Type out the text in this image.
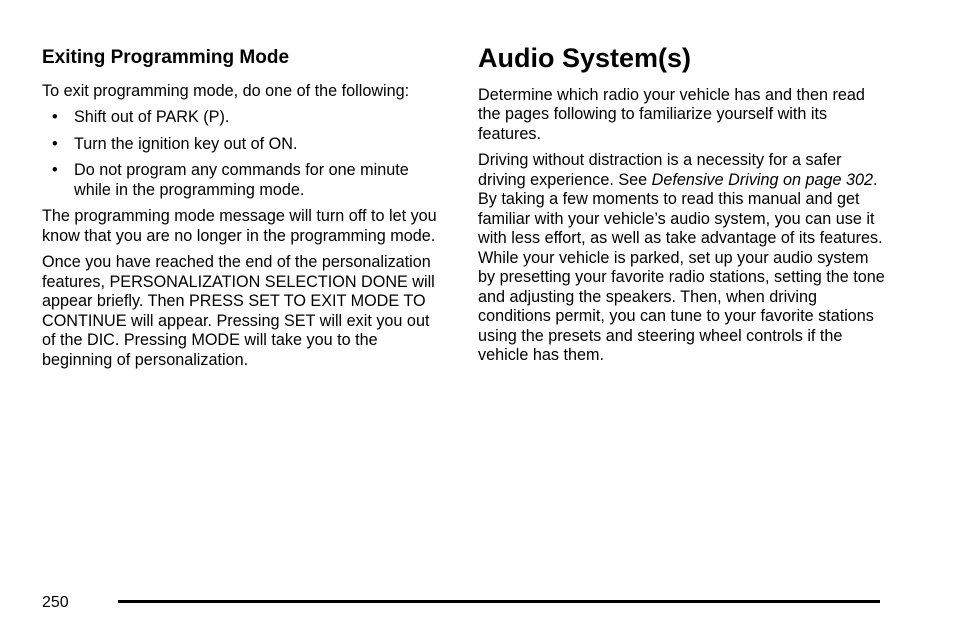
Exiting Programming Mode

To exit programming mode, do one of the following:

• Shift out of PARK (P).
• Turn the ignition key out of ON.
• Do not program any commands for one minute while in the programming mode.

The programming mode message will turn off to let you know that you are no longer in the programming mode.

Once you have reached the end of the personalization features, PERSONALIZATION SELECTION DONE will appear briefly. Then PRESS SET TO EXIT MODE TO CONTINUE will appear. Pressing SET will exit you out of the DIC. Pressing MODE will take you to the beginning of personalization.

Audio System(s)

Determine which radio your vehicle has and then read the pages following to familiarize yourself with its features.

Driving without distraction is a necessity for a safer driving experience. See Defensive Driving on page 302. By taking a few moments to read this manual and get familiar with your vehicle’s audio system, you can use it with less effort, as well as take advantage of its features. While your vehicle is parked, set up your audio system by presetting your favorite radio stations, setting the tone and adjusting the speakers. Then, when driving conditions permit, you can tune to your favorite stations using the presets and steering wheel controls if the vehicle has them.

250
